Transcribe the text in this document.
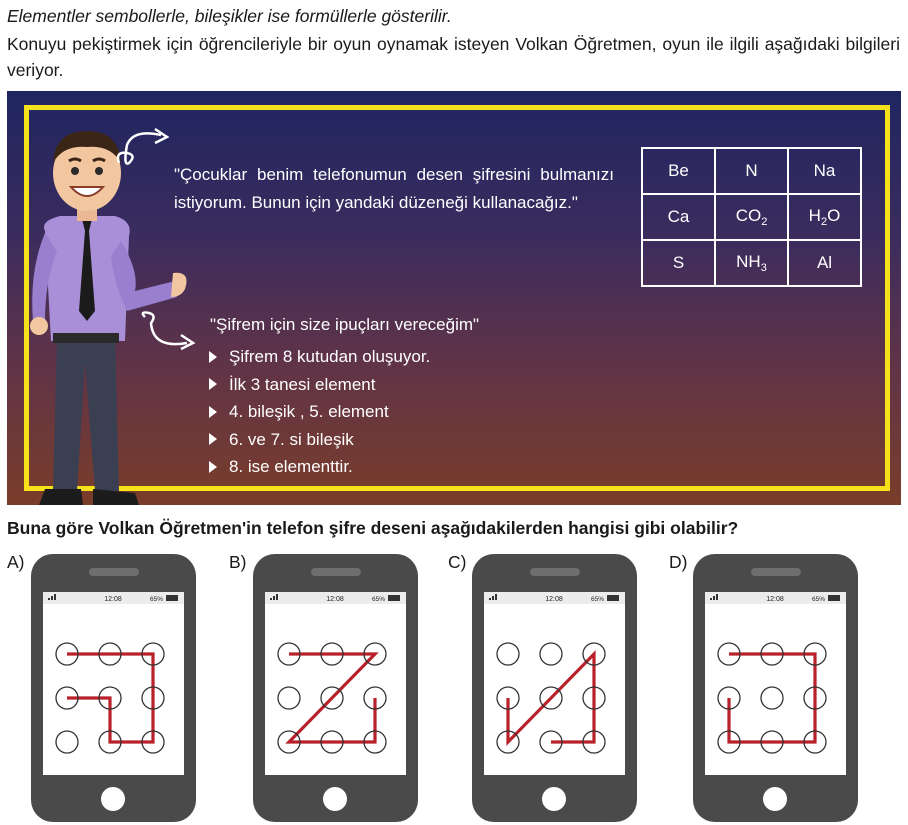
Elementler sembollerle, bileşikler ise formüllerle gösterilir.
Konuyu pekiştirmek için öğrencileriyle bir oyun oynamak isteyen Volkan Öğretmen, oyun ile ilgili aşağıdaki bilgileri veriyor.
"Çocuklar benim telefonumun desen şifresini bulmanızı istiyorum. Bunun için yandaki düzeneği kullanacağız."
"Şifrem için size ipuçları vereceğim"
Şifrem 8 kutudan oluşuyor.
İlk 3 tanesi element
4. bileşik , 5. element
6. ve 7. si bileşik
8. ise elementtir.
Be	N	Na
Ca	$CO_2$	$H_2O$
S	$NH_3$	Al
Buna göre Volkan Öğretmen'in telefon şifre deseni aşağıdakilerden hangisi gibi olabilir?
A)
12:08	65%
B)
12:08	65%
C)
12:08	65%
D)
12:08	65%
